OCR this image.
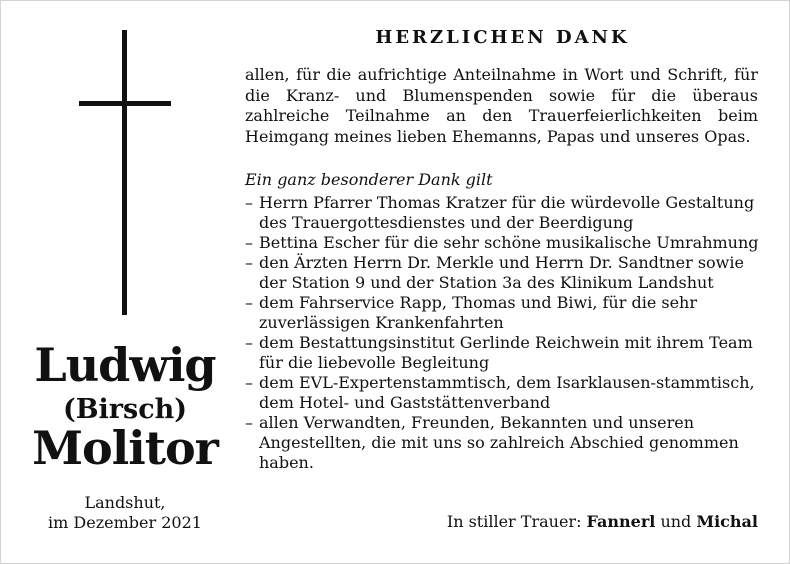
Ludwig
(Birsch)
Molitor
Landshut,
im Dezember 2021
HERZLICHEN DANK

allen, für die aufrichtige Anteilnahme in Wort und Schrift, für die Kranz- und Blumenspenden sowie für die überaus zahlreiche Teilnahme an den Trauerfeierlichkeiten beim Heimgang meines lieben Ehemanns, Papas und unseres Opas.

Ein ganz besonderer Dank gilt
– Herrn Pfarrer Thomas Kratzer für die würdevolle Gestaltung des Trauergottesdienstes und der Beerdigung
– Bettina Escher für die sehr schöne musikalische Umrahmung
– den Ärzten Herrn Dr. Merkle und Herrn Dr. Sandtner sowie der Station 9 und der Station 3a des Klinikum Landshut
– dem Fahrservice Rapp, Thomas und Biwi, für die sehr zuverlässigen Krankenfahrten
– dem Bestattungsinstitut Gerlinde Reichwein mit ihrem Team für die liebevolle Begleitung
– dem EVL-Expertenstammtisch, dem Isarklausen-stammtisch, dem Hotel- und Gaststättenverband
– allen Verwandten, Freunden, Bekannten und unseren Angestellten, die mit uns so zahlreich Abschied genommen haben.
In stiller Trauer: Fannerl und Michal
